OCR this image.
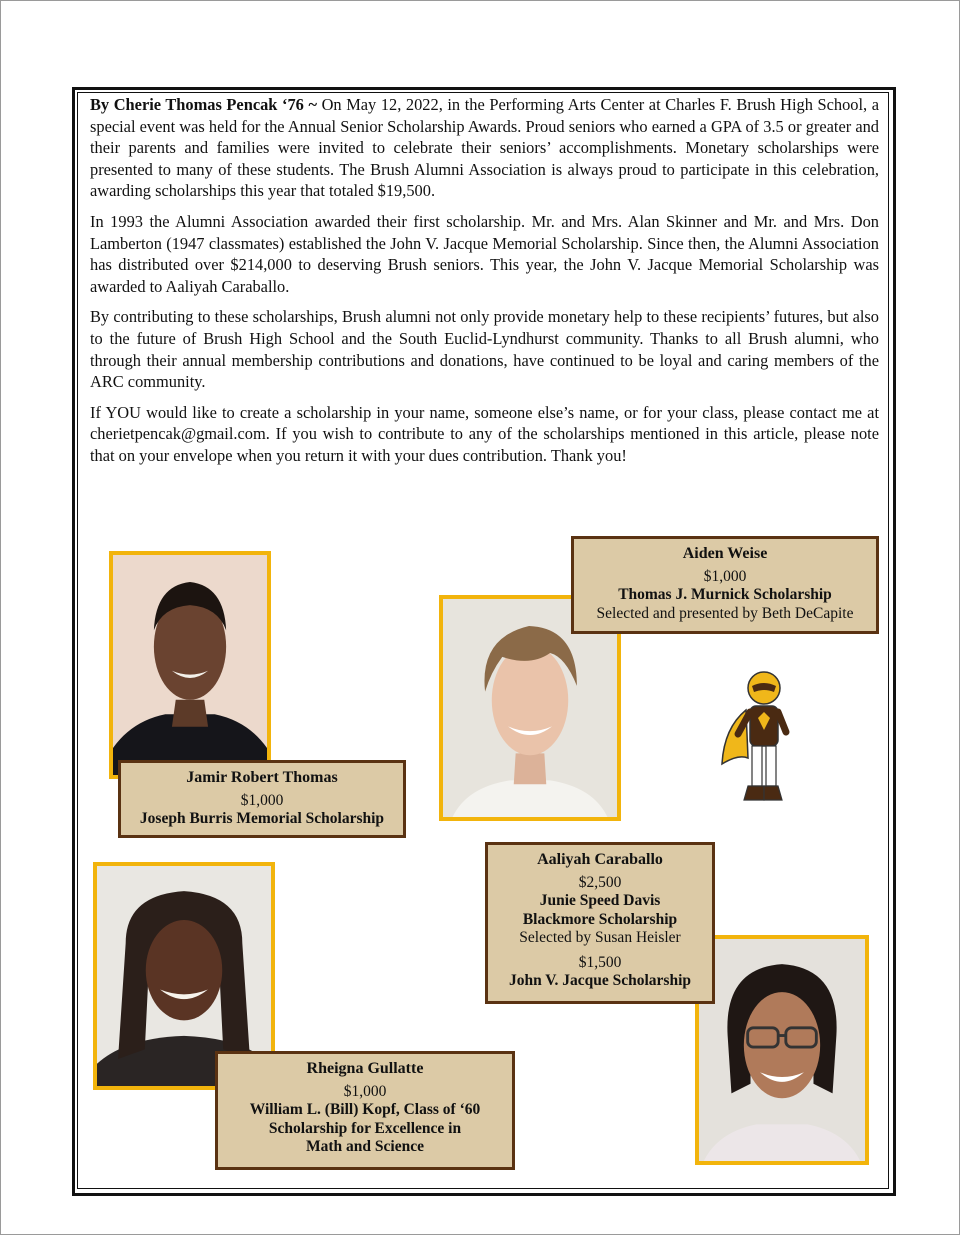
By Cherie Thomas Pencak ‘76 ~ On May 12, 2022, in the Performing Arts Center at Charles F. Brush High School, a special event was held for the Annual Senior Scholarship Awards. Proud seniors who earned a GPA of 3.5 or greater and their parents and families were invited to celebrate their seniors’ accomplishments. Monetary scholarships were presented to many of these students. The Brush Alumni Association is always proud to participate in this celebration, awarding scholarships this year that totaled $19,500.

In 1993 the Alumni Association awarded their first scholarship. Mr. and Mrs. Alan Skinner and Mr. and Mrs. Don Lamberton (1947 classmates) established the John V. Jacque Memorial Scholarship. Since then, the Alumni Association has distributed over $214,000 to deserving Brush seniors. This year, the John V. Jacque Memorial Scholarship was awarded to Aaliyah Caraballo.

By contributing to these scholarships, Brush alumni not only provide monetary help to these recipients’ futures, but also to the future of Brush High School and the South Euclid-Lyndhurst community. Thanks to all Brush alumni, who through their annual membership contributions and donations, have continued to be loyal and caring members of the ARC community.

If YOU would like to create a scholarship in your name, someone else’s name, or for your class, please contact me at cherietpencak@gmail.com. If you wish to contribute to any of the scholarships mentioned in this article, please note that on your envelope when you return it with your dues contribution. Thank you!

Jamir Robert Thomas
$1,000
Joseph Burris Memorial Scholarship
Aiden Weise
$1,000
Thomas J. Murnick Scholarship
Selected and presented by Beth DeCapite
Aaliyah Caraballo
$2,500
Junie Speed Davis
Blackmore Scholarship
Selected by Susan Heisler
$1,500
John V. Jacque Scholarship
Rheigna Gullatte
$1,000
William L. (Bill) Kopf, Class of ‘60
Scholarship for Excellence in
Math and Science
